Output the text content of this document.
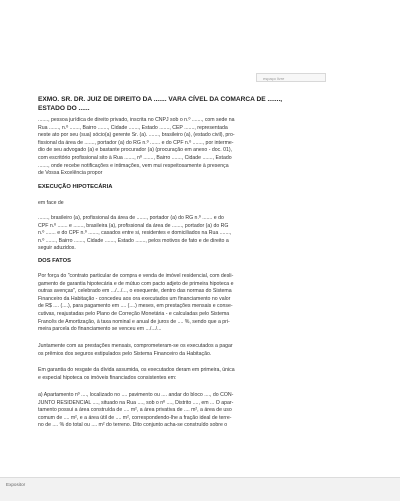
espaço livre
EXMO. SR. DR. JUIZ DE DIREITO DA ....... VARA CÍVEL DA COMARCA DE .......,
ESTADO DO ......
......., pessoa jurídica de direito privado, inscrita no CNPJ sob o n.º ......., com sede na
Rua ......., n.º ......., Bairro ......., Cidade ......., Estado ......., CEP ......., representada
neste ato por seu (sua) sócio(a) gerente Sr. (a). ......., brasileiro (a), (estado civil), pro-
fissional da área de ......., portador (a) do RG n.º ....... e do CPF n.º ......., por interme-
dio de seu advogado (a) e bastante procurador (a) (procuração em anexo - doc. 01),
com escritório profissional sito à Rua ......., nº ......., Bairro ......., Cidade ......., Estado
......., onde recebe notificações e intimações, vem mui respeitosamente à presença
de Vossa Excelência propor
EXECUÇÃO HIPOTECÁRIA
em face de
......., brasileiro (a), profissional da área de ......., portador (a) do RG n.º ....... e do
CPF n.º ....... e ......., brasileira (a), profissional da área de ......., portador (a) do RG
n.º ....... e do CPF n.º ......., casados entre si, residentes e domiciliados na Rua .......,
n.º ......., Bairro ......., Cidade ......., Estado ......., pelos motivos de fato e de direito a
seguir aduzidos.
DOS FATOS
Por força do "contrato particular de compra e venda de imóvel residencial, com desli-
gamento de garantia hipotecária e de mútuo com pacto adjeto de primeira hipoteca e
outras avenças", celebrado em .../.../..., o exequente, dentro das normas do Sistema
Financeiro da Habitação - concedeu aos ora executados um financiamento no valor
de R$ .... (....), para pagamento em .... (....) meses, em prestações mensais e conse-
cutivas, reajustadas pelo Plano de Correção Monetária - e calculadas pelo Sistema
Francês de Amortização, à taxa nominal e anual de juros de .... %, sendo que a pri-
meira parcela do financiamento se venceu em .../.../...
Juntamente com as prestações mensais, comprometeram-se os executados a pagar
os prêmios dos seguros estipulados pelo Sistema Financeiro da Habitação.
Em garantia do resgate da dívida assumida, os executados deram em primeira, única
e especial hipoteca os imóveis financiados consistentes em:
a) Apartamento nº ...., localizado no .... pavimento ou .... andar do bloco ...., do CON-
JUNTO RESIDENCIAL ...., situado na Rua ...., sob o nº ...., Distrito ...., em ... O apar-
tamento possui a área construída de .... m², a área privativa de .... m², a área de uso
comum de .... m², e a área útil de .... m², correspondendo-lhe a fração ideal de terre-
no de .... % do total ou .... m² do terreno. Dito conjunto acha-se construído sobre o
Expositor
